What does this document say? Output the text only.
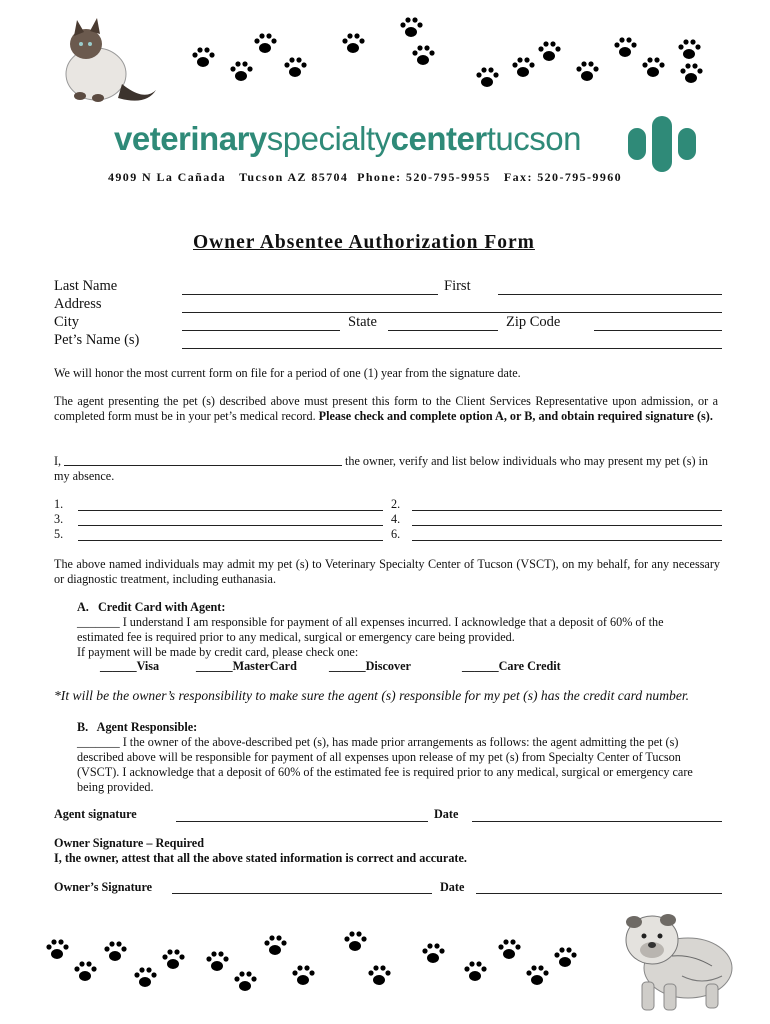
veterinaryspecialtycentertucson
4909 N La Cañada   Tucson AZ 85704  Phone: 520-795-9955   Fax: 520-795-9960
Owner Absentee Authorization Form
Last Name	First
Address
City	State	Zip Code
Pet’s Name (s)
We will honor the most current form on file for a period of one (1) year from the signature date.
The agent presenting the pet (s) described above must present this form to the Client Services Representative upon admission, or a completed form must be in your pet’s medical record. Please check and complete option A, or B, and obtain required signature (s).
I,	the owner, verify and list below individuals who may present my pet (s) in
my absence.
1.	2.
3.	4.
5.	6.
The above named individuals may admit my pet (s) to Veterinary Specialty Center of Tucson (VSCT), on my behalf, for any necessary or diagnostic treatment, including euthanasia.
A.   Credit Card with Agent:
_______ I understand I am responsible for payment of all expenses incurred. I acknowledge that a deposit of 60% of the
estimated fee is required prior to any medical, surgical or emergency care being provided.
If payment will be made by credit card, please check one:
______Visa	______MasterCard	______Discover	______Care Credit
*It will be the owner’s responsibility to make sure the agent (s) responsible for my pet (s) has the credit card number.
B.   Agent Responsible:
_______ I the owner of the above-described pet (s), has made prior arrangements as follows: the agent admitting the pet (s)
described above will be responsible for payment of all expenses upon release of my pet (s) from Specialty Center of Tucson
(VSCT). I acknowledge that a deposit of 60% of the estimated fee is required prior to any medical, surgical or emergency care
being provided.
Agent signature	Date
Owner Signature – Required
I, the owner, attest that all the above stated information is correct and accurate.
Owner’s Signature	Date
